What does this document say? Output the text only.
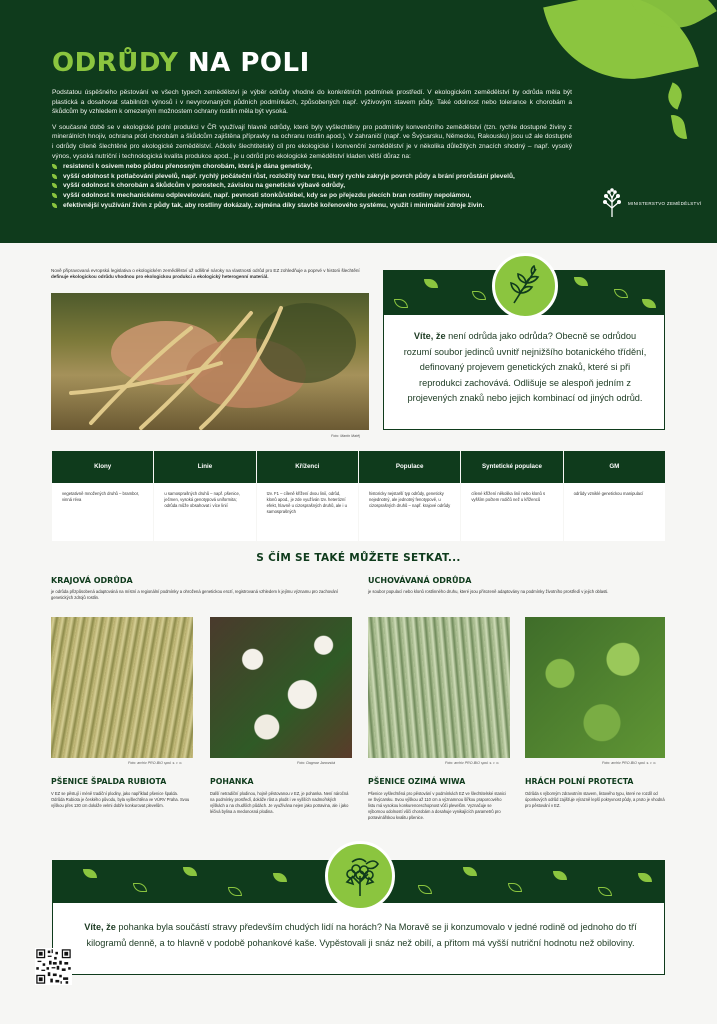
ODRŮDY NA POLI

Podstatou úspěšného pěstování ve všech typech zemědělství je výběr odrůdy vhodné do konkrétních podmínek prostředí. V ekologickém zemědělství by odrůda měla být plastická a dosahovat stabilních výnosů i v nevyrovnaných půdních podmínkách, způsobených např. výživovým stavem půdy. Také odolnost nebo tolerance k chorobám a škůdcům by vzhledem k omezeným možnostem ochrany rostlin měla být vysoká.

V současné době se v ekologické polní produkci v ČR využívají hlavně odrůdy, které byly vyšlechtěny pro podmínky konvenčního zemědělství (tzn. rychle dostupné živiny z minerálních hnojiv, ochrana proti chorobám a škůdcům zajištěna přípravky na ochranu rostlin apod.). V zahraničí (např. ve Švýcarsku, Německu, Rakousku) jsou už ale dostupné i odrůdy cíleně šlechtěné pro ekologické zemědělství. Ačkoliv šlechtitelský cíl pro ekologické i konvenční zemědělství je v několika důležitých znacích shodný – např. vysoký výnos, vysoká nutriční i technologická kvalita produkce apod., je u odrůd pro ekologické zemědělství kladen větší důraz na:

resistenci k osivem nebo půdou přenosným chorobám, která je dána geneticky,
vyšší odolnost k potlačování plevelů, např. rychlý počáteční růst, rozložitý tvar trsu, který rychle zakryje povrch půdy a brání prorůstání plevelů,
vyšší odolnost k chorobám a škůdcům v porostech, závislou na genetické výbavě odrůdy,
vyšší odolnost k mechanickému odplevelování, např. pevnosti stonků/stébel, kdy se po přejezdu plecích bran rostliny nepolámou,
efektivnější využívání živin z půdy tak, aby rostliny dokázaly, zejména díky stavbě kořenového systému, využít i minimální zdroje živin.	MINISTERSTVO ZEMĚDĚLSTVÍ
Nově připravovaná evropská legislativa o ekologickém zemědělství už odlišné nároky na vlastnosti odrůd pro EZ zohledňuje a poprvé v historii šlechtění definuje ekologickou odrůdu vhodnou pro ekologickou produkci a ekologický heterogenní materiál.
Foto: Martin Matěj

Víte, že není odrůda jako odrůda? Obecně se odrůdou rozumí soubor jedinců uvnitř nejnižšího botanického třídění, definovaný projevem genetických znaků, které si při reprodukci zachovává. Odlišuje se alespoň jedním z projevených znaků nebo jejich kombinací od jiných odrůd.

Klony
vegetativně množených druhů – brambor, vinná réva
Linie
u samosprašných druhů – např. pšenice, ječmen, vysoká genotypová uniformita; odrůda může obsahovat i více linií
Kříženci
tzv. F1 – cíleně křížení dvou linií, odrůd, klonů apod., je zde využíván tzv. heterózní efekt, hlavně u cizosprašných druhů, ale i u samosprašných
Populace
historicky nejstarší typ odrůdy, geneticky nejednotný, ale jednotný fenotypově, u cizosprašných druhů – např. krajové odrůdy
Syntetické populace
cílené křížení několika linií nebo klonů s vyšším počtem rodičů než u kříženců
GM
odrůdy vzniklé genetickou manipulací
S ČÍM SE TAKÉ MŮŽETE SETKAT...
KRAJOVÁ ODRŮDA

je odrůda přizpůsobená adaptováná na místní a regionální podmínky a ohrožená genetickou erozí, registrovaná vzhledem k jejímu významu pro zachování genetických zdrojů rostlin.

UCHOVÁVANÁ ODRŮDA

je soubor populací nebo klonů rostlinného druhu, které jsou přirozeně adaptovány na podmínky životního prostředí v jejich oblasti.

Foto: archiv PRO-BIO spol. s. r. o.	Foto: Dagmar Janovská	Foto: archiv PRO-BIO spol. s. r. o.	Foto: archiv PRO-BIO spol. s. r. o.
PŠENICE ŠPALDA RUBIOTA	POHANKA	PŠENICE OZIMÁ WIWA	HRÁCH POLNÍ PROTECTA

V EZ se pěstují i méně tradiční plodiny, jako například pšenice špalda. Odrůda Rubiota je českého původu, byla vyšlechtěna ve VÚRV Praha. Svou výškou přes 130 cm dokáže velmi dobře konkurovat plevelům.

Další netradiční plodinou, hojně pěstovanou v EZ, je pohanka. Není náročná na podmínky prostředí, dokáže růst a plodit i ve vyšších nadmořských výškách a na chudších půdách. Je využívána nejen jako potravina, ale i jako léčivá bylina a medonosná plodina.

Pšenice vyšlechtěná pro pěstování v podmínkách EZ ve šlechtitelské stanici ve Švýcarsku. Svou výškou až 110 cm a významnou šířkou praporcového listu má vysokou konkurenceschopnost vůči plevelům. Vyznačuje se výbornou odolností vůči chorobám a dosahuje vynikajících parametrů pro potravinářskou kvalitu pšenice.

Odrůda s výborným zdravotním stavem, listového typu, které ne rozdíl od úponkových odrůd zajišťuje výrazně lepší pokryvnost půdy, a proto je vhodná pro pěstování v EZ.

Víte, že pohanka byla součástí stravy především chudých lidí na horách? Na Moravě se ji konzumovalo v jedné rodině od jednoho do tří kilogramů denně, a to hlavně v podobě pohankové kaše. Vypěstovali ji snáz než obilí, a přitom má vyšší nutriční hodnotu než obiloviny.
